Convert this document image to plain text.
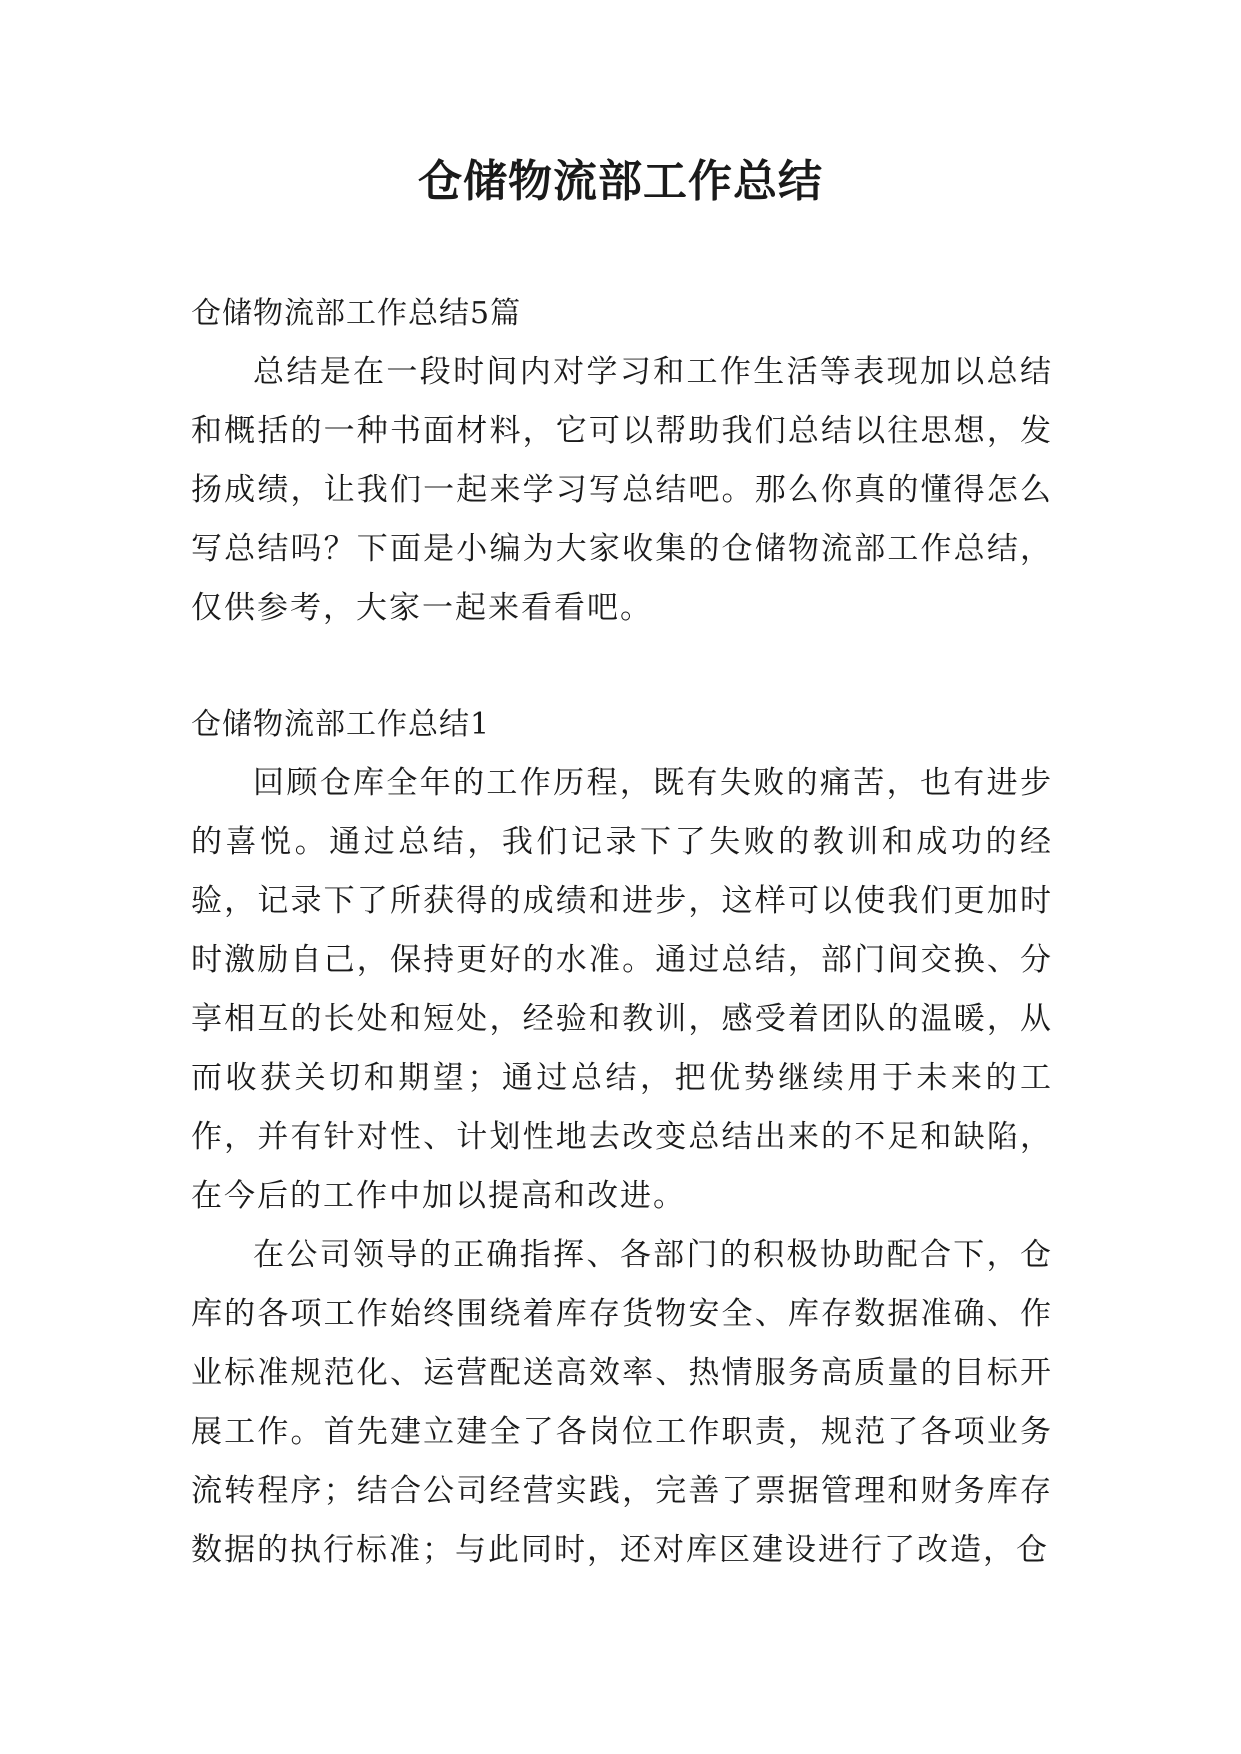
仓储物流部工作总结

仓储物流部工作总结5篇

总结是在一段时间内对学习和工作生活等表现加以总结和概括的一种书面材料，它可以帮助我们总结以往思想，发扬成绩，让我们一起来学习写总结吧。那么你真的懂得怎么写总结吗？下面是小编为大家收集的仓储物流部工作总结，仅供参考，大家一起来看看吧。

仓储物流部工作总结1

回顾仓库全年的工作历程，既有失败的痛苦，也有进步的喜悦。通过总结，我们记录下了失败的教训和成功的经验，记录下了所获得的成绩和进步，这样可以使我们更加时时激励自己，保持更好的水准。通过总结，部门间交换、分享相互的长处和短处，经验和教训，感受着团队的温暖，从而收获关切和期望；通过总结，把优势继续用于未来的工作，并有针对性、计划性地去改变总结出来的不足和缺陷，在今后的工作中加以提高和改进。

在公司领导的正确指挥、各部门的积极协助配合下，仓库的各项工作始终围绕着库存货物安全、库存数据准确、作业标准规范化、运营配送高效率、热情服务高质量的目标开展工作。首先建立建全了各岗位工作职责，规范了各项业务流转程序；结合公司经营实践，完善了票据管理和财务库存数据的执行标准；与此同时，还对库区建设进行了改造，仓
